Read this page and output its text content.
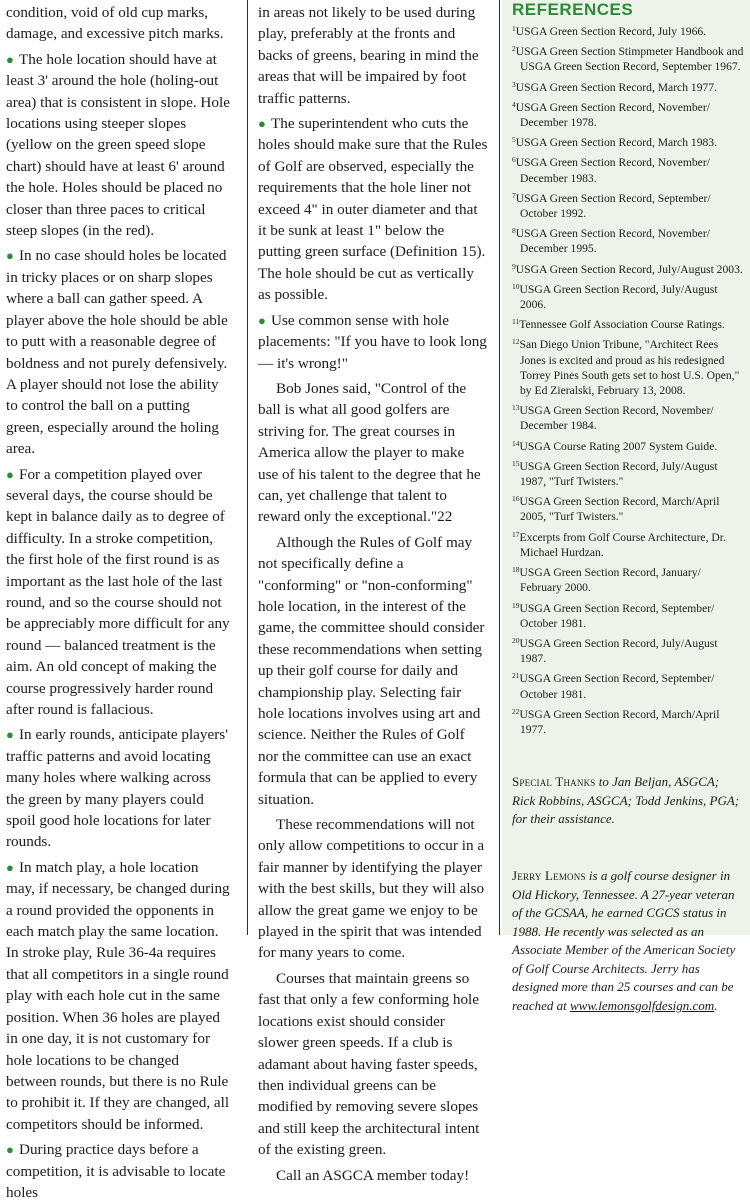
condition, void of old cup marks, damage, and excessive pitch marks.

● The hole location should have at least 3' around the hole (holing-out area) that is consistent in slope. Hole locations using steeper slopes (yellow on the green speed slope chart) should have at least 6' around the hole. Holes should be placed no closer than three paces to critical steep slopes (in the red).

● In no case should holes be located in tricky places or on sharp slopes where a ball can gather speed. A player above the hole should be able to putt with a reasonable degree of boldness and not purely defensively. A player should not lose the ability to control the ball on a putting green, especially around the holing area.

● For a competition played over several days, the course should be kept in balance daily as to degree of difficulty. In a stroke competition, the first hole of the first round is as important as the last hole of the last round, and so the course should not be appreciably more difficult for any round — balanced treatment is the aim. An old concept of making the course progressively harder round after round is fallacious.

● In early rounds, anticipate players' traffic patterns and avoid locating many holes where walking across the green by many players could spoil good hole locations for later rounds.

● In match play, a hole location may, if necessary, be changed during a round provided the opponents in each match play the same location. In stroke play, Rule 36-4a requires that all competitors in a single round play with each hole cut in the same position. When 36 holes are played in one day, it is not customary for hole locations to be changed between rounds, but there is no Rule to prohibit it. If they are changed, all competitors should be informed.

● During practice days before a competition, it is advisable to locate holes

in areas not likely to be used during play, preferably at the fronts and backs of greens, bearing in mind the areas that will be impaired by foot traffic patterns.

● The superintendent who cuts the holes should make sure that the Rules of Golf are observed, especially the requirements that the hole liner not exceed 4" in outer diameter and that it be sunk at least 1" below the putting green surface (Definition 15). The hole should be cut as vertically as possible.

● Use common sense with hole placements: "If you have to look long — it's wrong!"

Bob Jones said, "Control of the ball is what all good golfers are striving for. The great courses in America allow the player to make use of his talent to the degree that he can, yet challenge that talent to reward only the exceptional."22

Although the Rules of Golf may not specifically define a "conforming" or "non-conforming" hole location, in the interest of the game, the committee should consider these recommendations when setting up their golf course for daily and championship play. Selecting fair hole locations involves using art and science. Neither the Rules of Golf nor the committee can use an exact formula that can be applied to every situation.

These recommendations will not only allow competitions to occur in a fair manner by identifying the player with the best skills, but they will also allow the great game we enjoy to be played in the spirit that was intended for many years to come.

Courses that maintain greens so fast that only a few conforming hole locations exist should consider slower green speeds. If a club is adamant about having faster speeds, then individual greens can be modified by removing severe slopes and still keep the architectural intent of the existing green.

Call an ASGCA member today!

REFERENCES

$^1$USGA Green Section Record, July 1966.

$^2$USGA Green Section Stimpmeter Handbook and USGA Green Section Record, September 1967.

$^3$USGA Green Section Record, March 1977.

$^4$USGA Green Section Record, November/ December 1978.

$^5$USGA Green Section Record, March 1983.

$^6$USGA Green Section Record, November/ December 1983.

$^7$USGA Green Section Record, September/ October 1992.

$^8$USGA Green Section Record, November/ December 1995.

$^9$USGA Green Section Record, July/August 2003.

$^{10}$USGA Green Section Record, July/August 2006.

$^{11}$Tennessee Golf Association Course Ratings.

$^{12}$San Diego Union Tribune, "Architect Rees Jones is excited and proud as his redesigned Torrey Pines South gets set to host U.S. Open," by Ed Zieralski, February 13, 2008.

$^{13}$USGA Green Section Record, November/ December 1984.

$^{14}$USGA Course Rating 2007 System Guide.

$^{15}$USGA Green Section Record, July/August 1987, "Turf Twisters."

$^{16}$USGA Green Section Record, March/April 2005, "Turf Twisters."

$^{17}$Excerpts from Golf Course Architecture, Dr. Michael Hurdzan.

$^{18}$USGA Green Section Record, January/ February 2000.

$^{19}$USGA Green Section Record, September/ October 1981.

$^{20}$USGA Green Section Record, July/August 1987.

$^{21}$USGA Green Section Record, September/ October 1981.

$^{22}$USGA Green Section Record, March/April 1977.

Special Thanks to Jan Beljan, ASGCA; Rick Robbins, ASGCA; Todd Jenkins, PGA; for their assistance.

Jerry Lemons is a golf course designer in Old Hickory, Tennessee. A 27-year veteran of the GCSAA, he earned CGCS status in 1988. He recently was selected as an Associate Member of the American Society of Golf Course Architects. Jerry has designed more than 25 courses and can be reached at www.lemonsgolfdesign.com.
